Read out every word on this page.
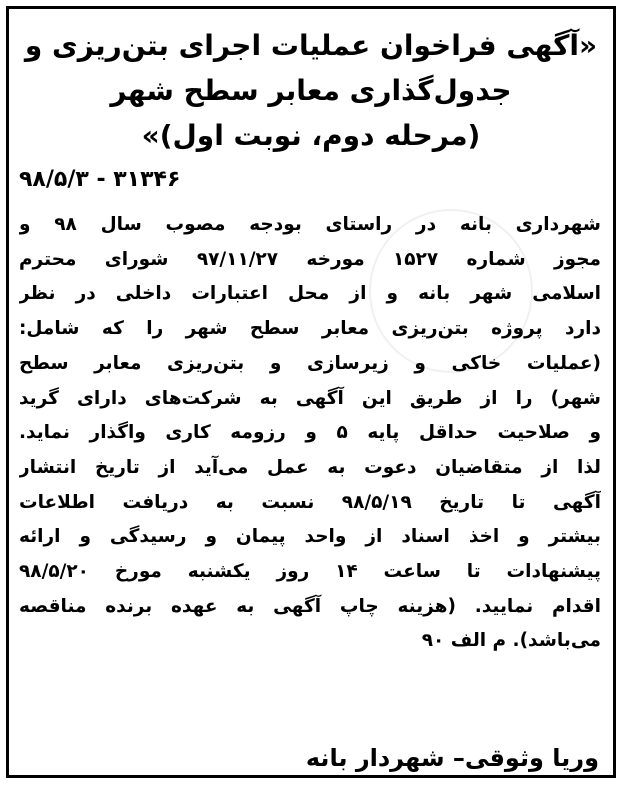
«آگهی فراخوان عملیات اجرای بتن‌ریزی و
جدول‌گذاری معابر سطح شهر
(مرحله دوم، نوبت اول)»
۹۸/۵/۳ - ۳۱۳۴۶
شهرداری بانه در راستای بودجه مصوب سال ۹۸ و
مجوز شماره ۱۵۲۷ مورخه ۹۷/۱۱/۲۷ شورای محترم
اسلامی شهر بانه و از محل اعتبارات داخلی در نظر
دارد پروژه بتن‌ریزی معابر سطح شهر را که شامل:
(عملیات خاکی و زیرسازی و بتن‌ریزی معابر سطح
شهر) را از طریق این آگهی به شرکت‌های دارای گرید
و صلاحیت حداقل پایه ۵ و رزومه کاری واگذار نماید.
لذا از متقاضیان دعوت به عمل می‌آید از تاریخ انتشار
آگهی تا تاریخ ۹۸/۵/۱۹ نسبت به دریافت اطلاعات
بیشتر و اخذ اسناد از واحد پیمان و رسیدگی و ارائه
پیشنهادات تا ساعت ۱۴ روز یکشنبه مورخ ۹۸/۵/۲۰
اقدام نمایید. (هزینه چاپ آگهی به عهده برنده مناقصه
می‌باشد). م الف ۹۰
وریا وثوقی– شهردار بانه
